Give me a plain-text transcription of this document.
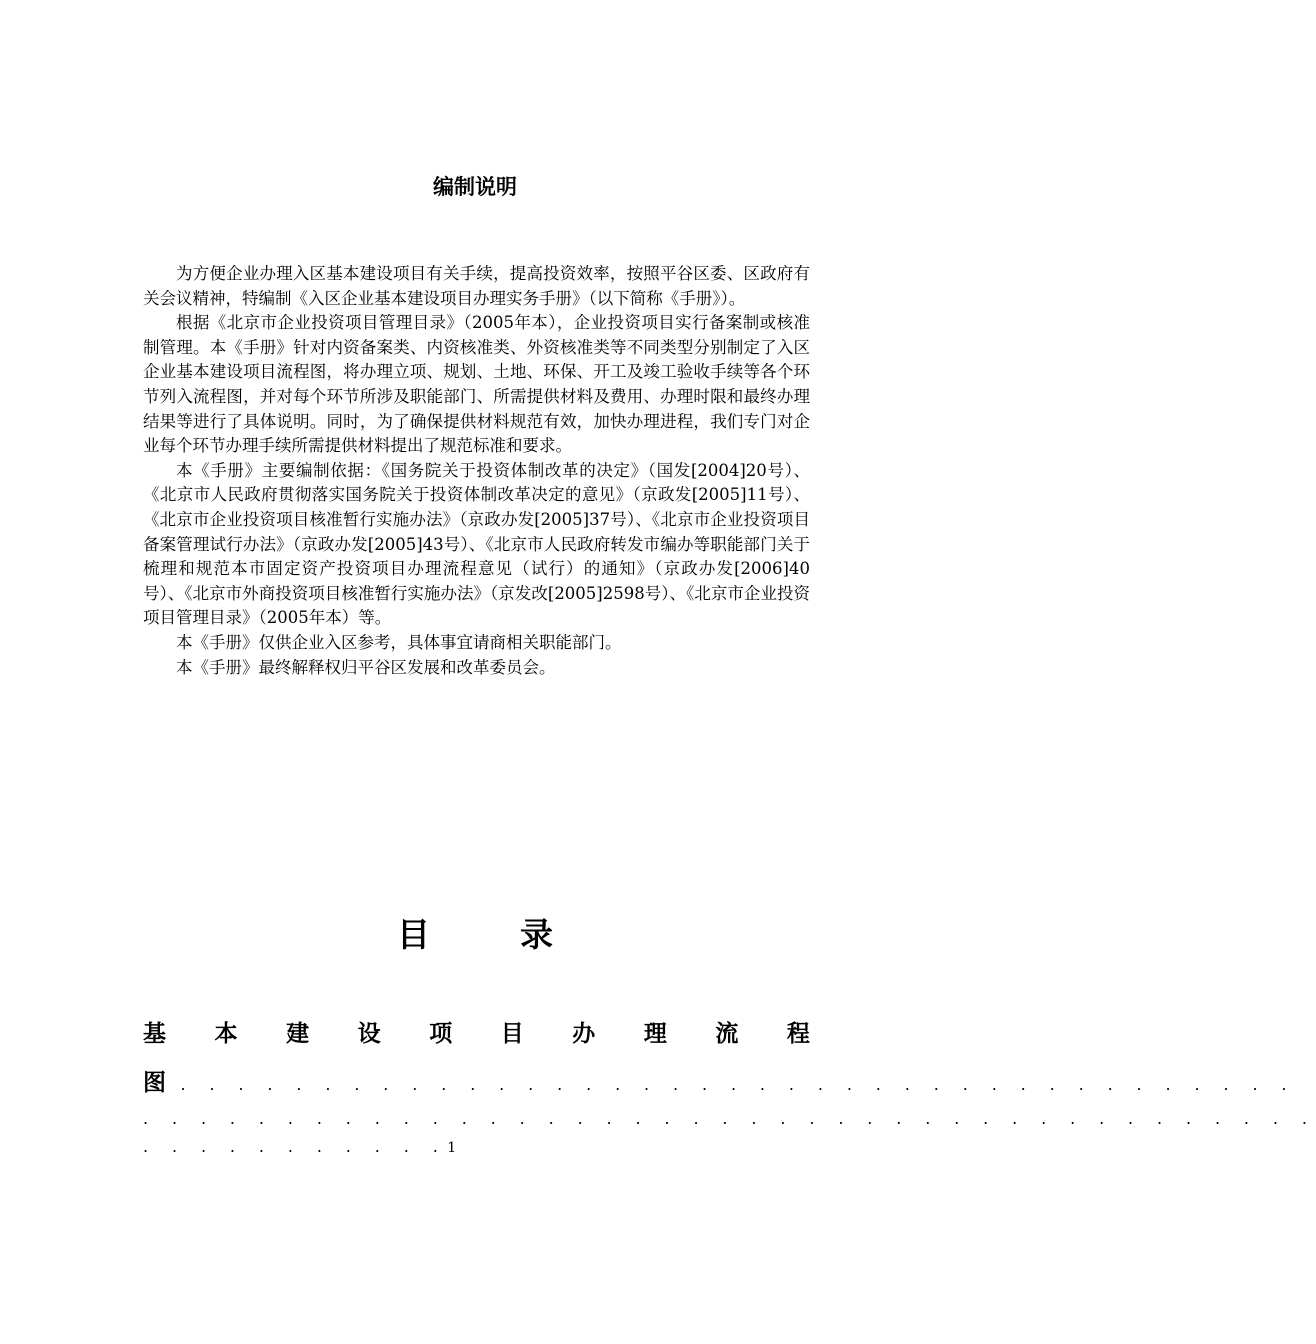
编制说明

为方便企业办理入区基本建设项目有关手续，提高投资效率，按照平谷区委、区政府有关会议精神，特编制《入区企业基本建设项目办理实务手册》（以下简称《手册》）。

根据《北京市企业投资项目管理目录》（2005年本），企业投资项目实行备案制或核准制管理。本《手册》针对内资备案类、内资核准类、外资核准类等不同类型分别制定了入区企业基本建设项目流程图，将办理立项、规划、土地、环保、开工及竣工验收手续等各个环节列入流程图，并对每个环节所涉及职能部门、所需提供材料及费用、办理时限和最终办理结果等进行了具体说明。同时，为了确保提供材料规范有效，加快办理进程，我们专门对企业每个环节办理手续所需提供材料提出了规范标准和要求。

本《手册》主要编制依据：《国务院关于投资体制改革的决定》（国发[2004]20号）、《北京市人民政府贯彻落实国务院关于投资体制改革决定的意见》（京政发[2005]11号）、《北京市企业投资项目核准暂行实施办法》（京政办发[2005]37号）、《北京市企业投资项目备案管理试行办法》（京政办发[2005]43号）、《北京市人民政府转发市编办等职能部门关于梳理和规范本市固定资产投资项目办理流程意见（试行）的通知》（京政办发[2006]40号）、《北京市外商投资项目核准暂行实施办法》（京发改[2005]2598号）、《北京市企业投资项目管理目录》（2005年本）等。

本《手册》仅供企业入区参考，具体事宜请商相关职能部门。

本《手册》最终解释权归平谷区发展和改革委员会。

目	录
基 本 建 设 项 目 办 理 流 程
图 . . . . . . . . . . . . . . . . . . . . . . . . . . . . . . . . . . . . . . .
. . . . . . . . . . . . . . . . . . . . . . . . . . . . . . . . . . . . . . . . .
. . . . . . . . . . .1
